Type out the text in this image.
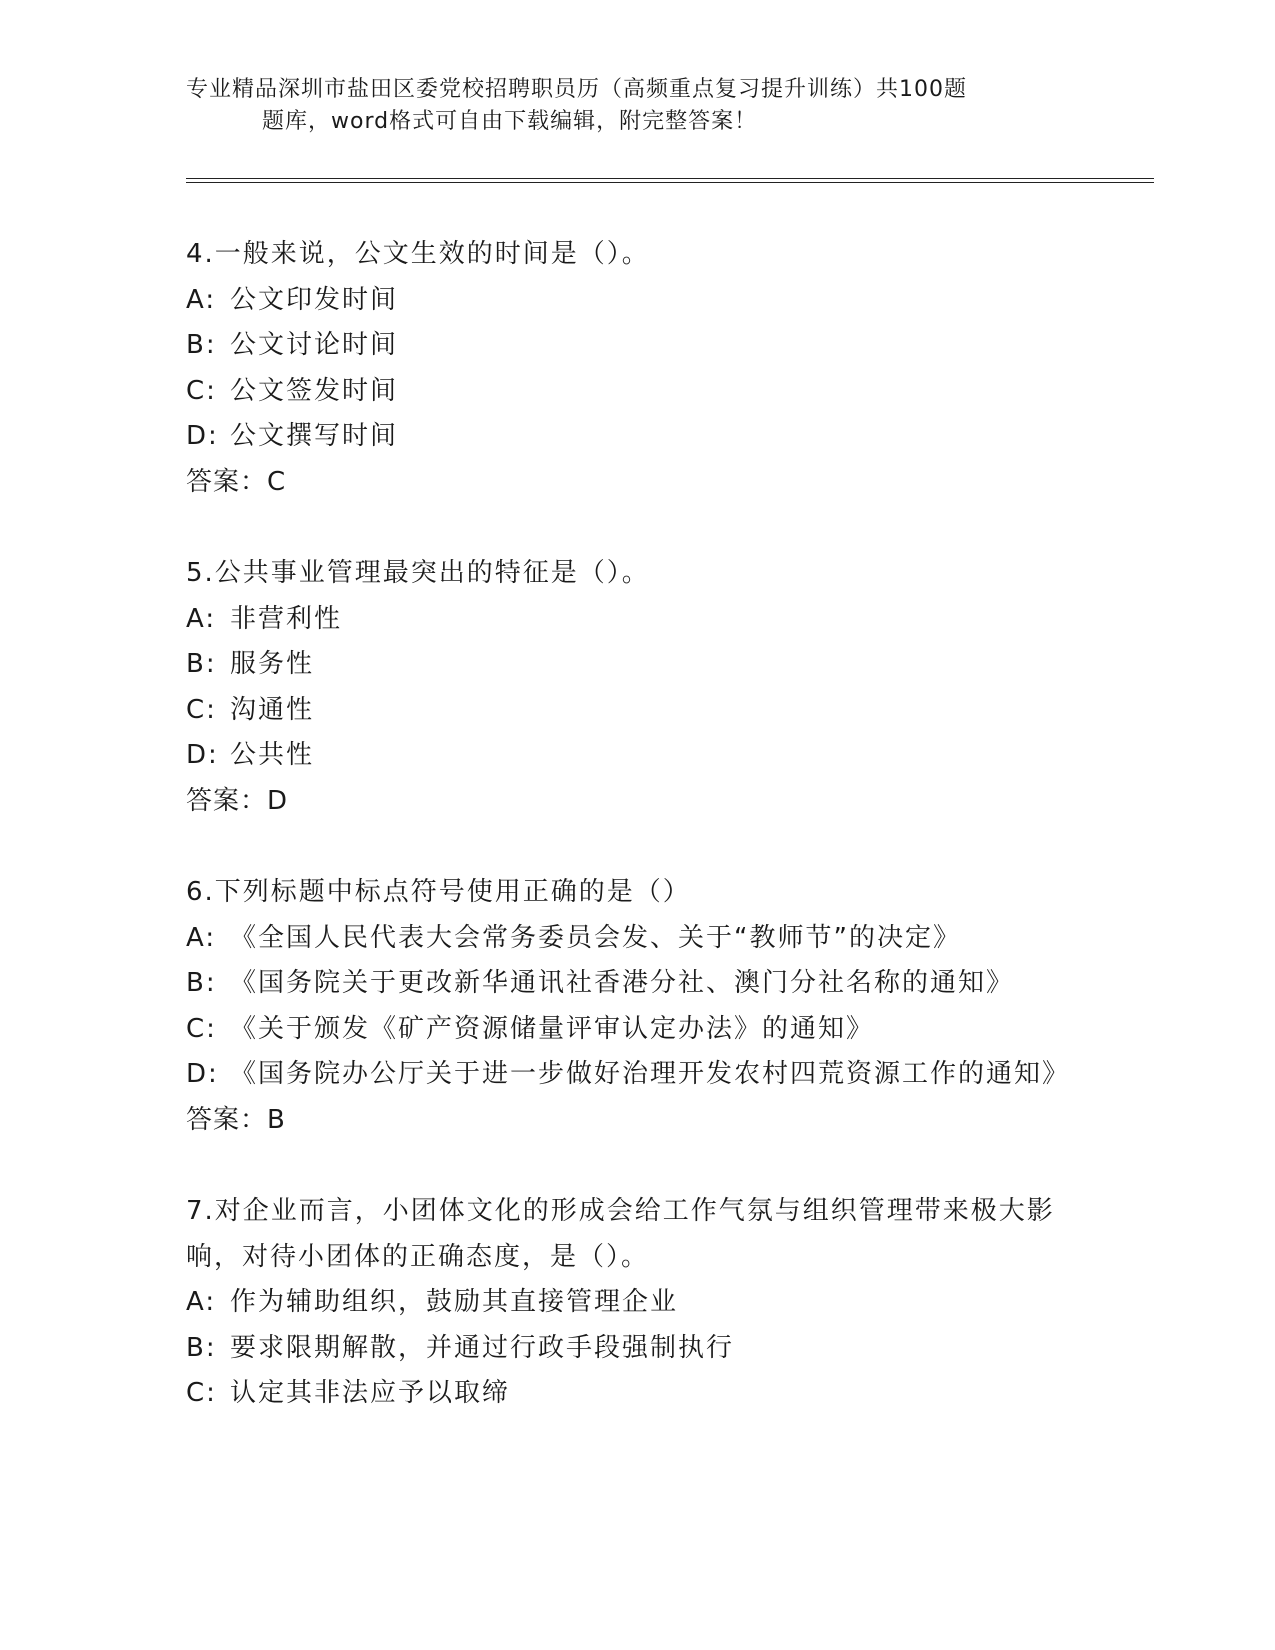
专业精品深圳市盐田区委党校招聘职员历（高频重点复习提升训练）共100题
题库，word格式可自由下载编辑，附完整答案！
4.一般来说，公文生效的时间是（）。
A: 公文印发时间
B: 公文讨论时间
C: 公文签发时间
D: 公文撰写时间
答案：C
5.公共事业管理最突出的特征是（）。
A: 非营利性
B: 服务性
C: 沟通性
D: 公共性
答案：D
6.下列标题中标点符号使用正确的是（）
A: 《全国人民代表大会常务委员会发、关于“教师节”的决定》
B: 《国务院关于更改新华通讯社香港分社、澳门分社名称的通知》
C: 《关于颁发《矿产资源储量评审认定办法》的通知》
D: 《国务院办公厅关于进一步做好治理开发农村四荒资源工作的通知》
答案：B
7.对企业而言，小团体文化的形成会给工作气氛与组织管理带来极大影响，对待小团体的正确态度，是（）。
A: 作为辅助组织，鼓励其直接管理企业
B: 要求限期解散，并通过行政手段强制执行
C: 认定其非法应予以取缔
